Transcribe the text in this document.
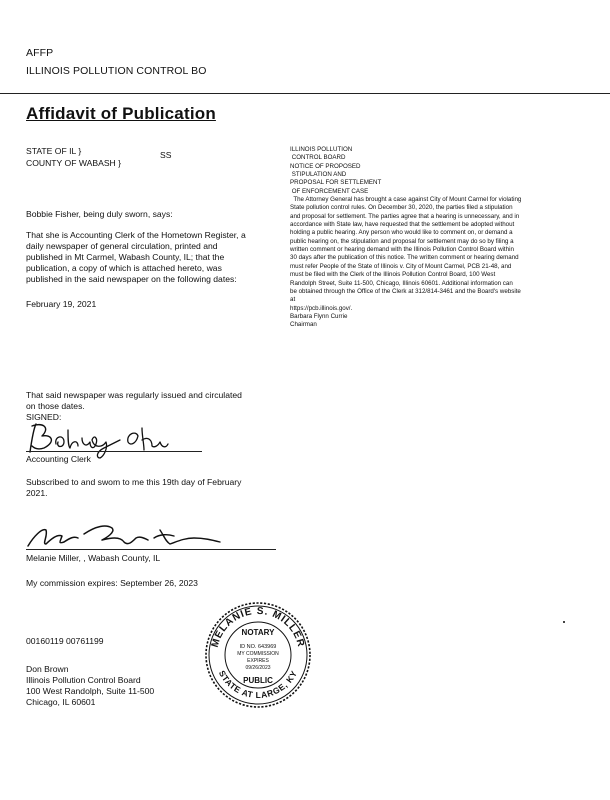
AFFP
ILLINOIS POLLUTION CONTROL BO
Affidavit of Publication
STATE OF IL }	SS
COUNTY OF WABASH }
Bobbie Fisher, being duly sworn, says:
That she is Accounting Clerk of the Hometown Register, a
daily newspaper of general circulation, printed and
published in Mt Carmel, Wabash County, IL; that the
publication, a copy of which is attached hereto, was
published in the said newspaper on the following dates:
February 19, 2021
That said newspaper was regularly issued and circulated
on those dates.
SIGNED:
Accounting Clerk
Subscribed to and swom to me this 19th day of February
2021.
Melanie Miller, , Wabash County, IL
My commission expires: September 26, 2023
00160119 00761199
Don Brown
Illinois Pollution Control Board
100 West Randolph, Suite 11-500
Chicago, IL 60601
ILLINOIS POLLUTION
CONTROL BOARD
NOTICE OF PROPOSED
STIPULATION AND
PROPOSAL FOR SETTLEMENT
OF ENFORCEMENT CASE
The Attorney General has brought a case against City of Mount Carmel for violating
State pollution control rules. On December 30, 2020, the parties filed a stipulation
and proposal for settlement. The parties agree that a hearing is unnecessary, and in
accordance with State law, have requested that the settlement be adopted without
holding a public hearing. Any person who would like to comment on, or demand a
public hearing on, the stipulation and proposal for settlement may do so by filing a
written comment or hearing demand with the Illinois Pollution Control Board within
30 days after the publication of this notice. The written comment or hearing demand
must refer People of the State of Illinois v. City of Mount Carmel, PCB 21-48, and
must be filed with the Clerk of the Illinois Pollution Control Board, 100 West
Randolph Street, Suite 11-500, Chicago, Illinois 60601. Additional information can
be obtained through the Office of the Clerk at 312/814-3461 and the Board's website
at
https://pcb.illinois.gov/.
Barbara Flynn Currie
Chairman
MELANIE S. MILLER
STATE AT LARGE, KY
NOTARY
ID NO. 643969
MY COMMISSION
EXPIRES
09/26/2023
PUBLIC
